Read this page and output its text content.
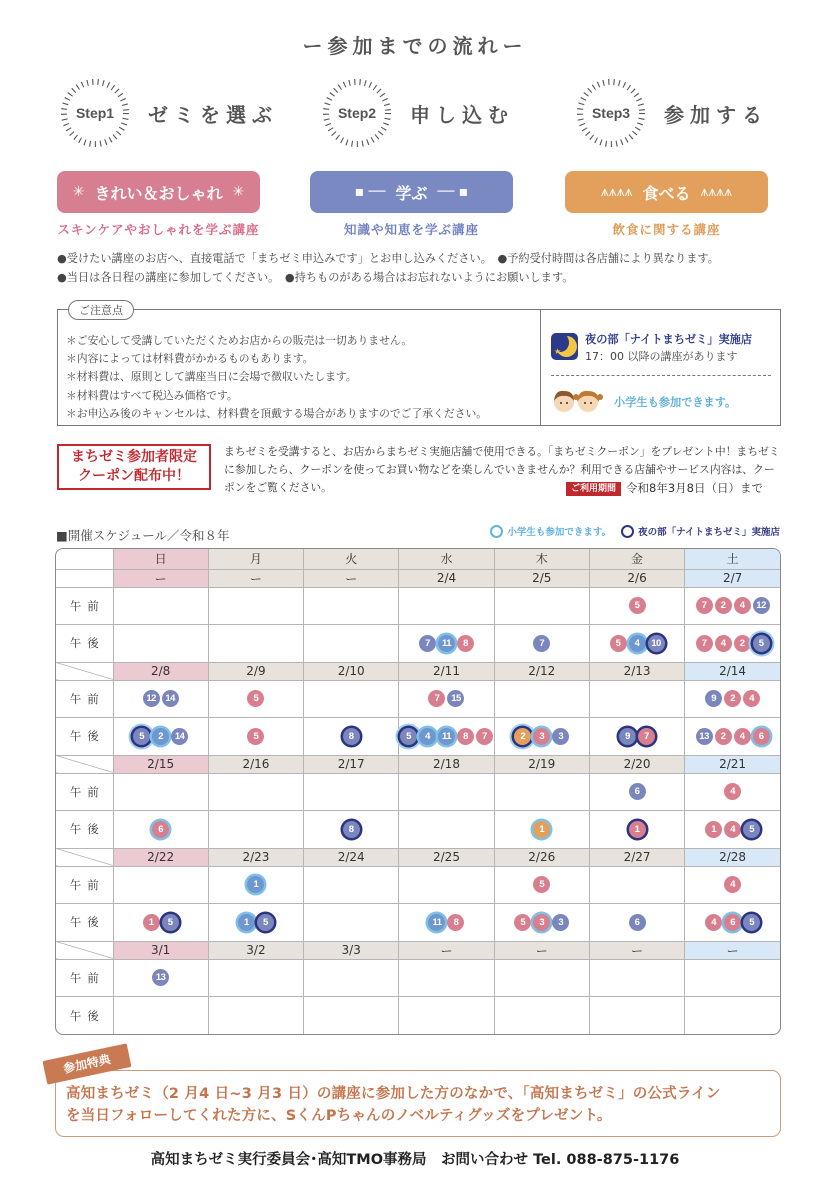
ー参加までの流れー
Step1	ゼミを選ぶ	Step2	申し込む	Step3	参加する
✳ きれい＆おしゃれ ✳
スキンケアやおしゃれを学ぶ講座
▪ ── 学ぶ ── ▪
知識や知恵を学ぶ講座
⩚⩚⩚⩚ 食べる ⩚⩚⩚⩚
飲食に関する講座
●受けたい講座のお店へ、直接電話で「まちゼミ申込みです」とお申し込みください。　●予約受付時間は各店舗により異なります。
●当日は各日程の講座に参加してください。　●持ちものがある場合はお忘れないようにお願いします。
ご注意点
＊ご安心して受講していただくためお店からの販売は一切ありません。
＊内容によっては材料費がかかるものもあります。
＊材料費は、原則として講座当日に会場で徴収いたします。
＊材料費はすべて税込み価格です。
＊お申込み後のキャンセルは、材料費を頂戴する場合がありますのでご了承ください。
★
夜の部「ナイトまちゼミ」実施店
17：00 以降の講座があります
小学生も参加できます。
まちゼミ参加者限定
クーポン配布中！
まちゼミを受講すると、お店からまちゼミ実施店舗で使用できる。「まちゼミクーポン」をプレゼント中！まちゼミに参加したら、クーポンを使ってお買い物などを楽しんでいきませんか？利用できる店舗やサービス内容は、クーポンをご覧ください。	ご利用期間 令和8年3月8日（日）まで
■開催スケジュール／令和８年	小学生も参加できます。	夜の部「ナイトまちゼミ」実施店
	日	月	火	水	木	金	土
	ー	ー	ー	2/4	2/5	2/6	2/7
午前						5	7 2 4 12

午後				7 11 8	7	5 4 10	7 4 2 5

	2/8	2/9	2/10	2/11	2/12	2/13	2/14
午前	12 14	5		7 15			9 2 4

午後	5 2 14	5	8	5 4 11 8 7	2 3 3	9 7	13 2 4 6

	2/15	2/16	2/17	2/18	2/19	2/20	2/21
午前						6	4

午後	6		8		1	1	1 4 5

	2/22	2/23	2/24	2/25	2/26	2/27	2/28
午前		1			5		4

午後	1 5	1 5		11 8	5 3 3	6	4 6 5

	3/1	3/2	3/3	ー	ー	ー	ー
午前	13						

午後	

参加特典
高知まちゼミ（2 月4 日~3 月3 日）の講座に参加した方のなかで、「高知まちゼミ」の公式ライン
を当日フォローしてくれた方に、SくんPちゃんのノベルティグッズをプレゼント。
高知まちゼミ実行委員会･高知TMO事務局　お問い合わせ Tel. 088-875-1176
